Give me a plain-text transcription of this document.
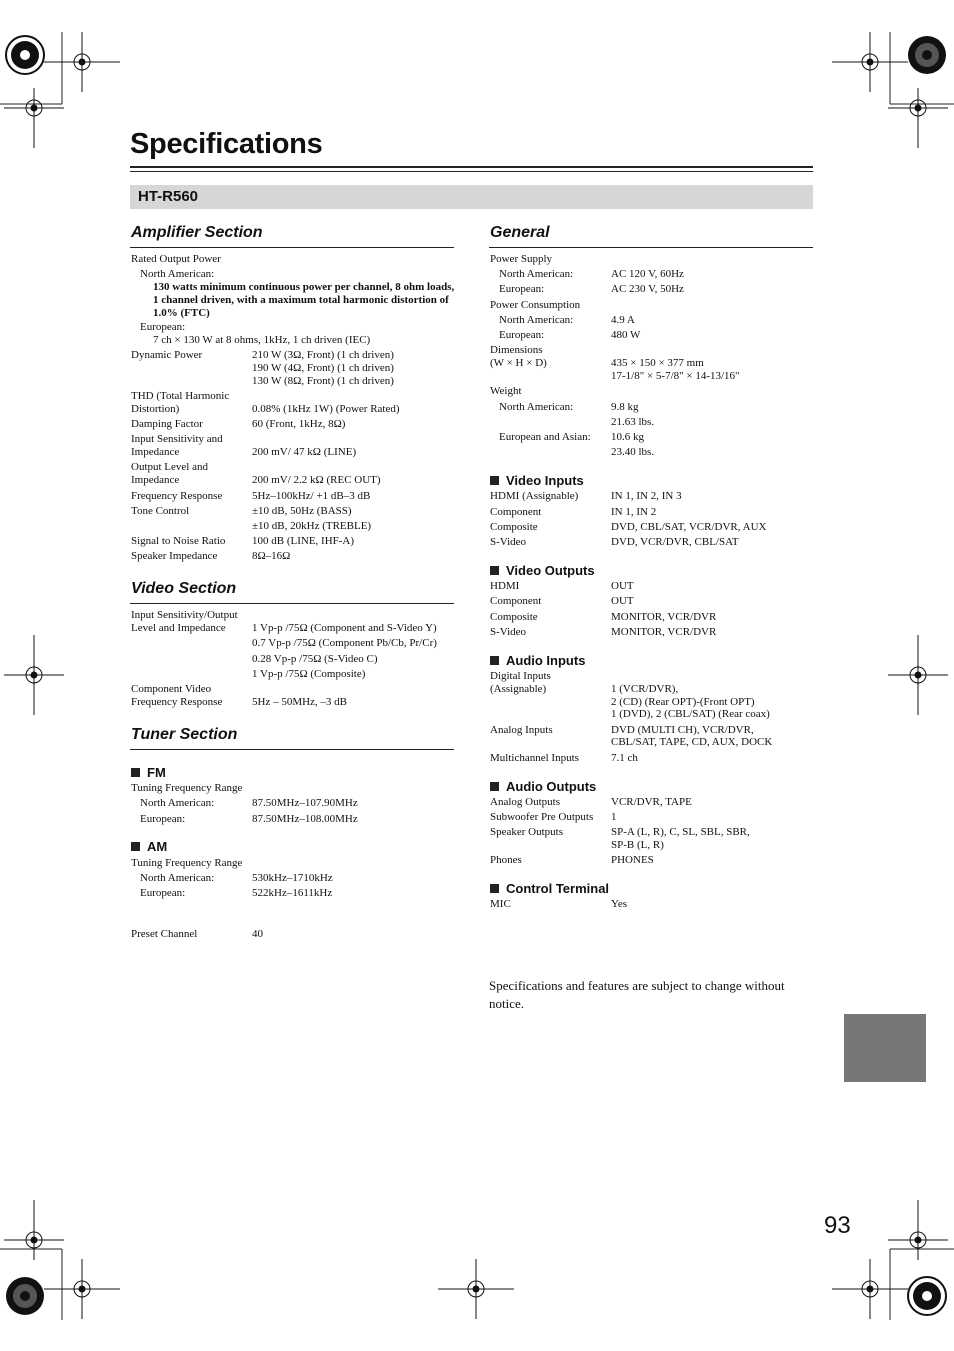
Specifications
HT-R560
Amplifier Section
Rated Output Power
North American:
130 watts minimum continuous power per channel, 8 ohm loads, 1 channel driven, with a maximum total harmonic distortion of 1.0% (FTC)
European:
7 ch × 130 W at 8 ohms, 1kHz, 1 ch driven (IEC)
Dynamic Power	210 W (3Ω, Front) (1 ch driven)
190 W (4Ω, Front) (1 ch driven)
130 W (8Ω, Front) (1 ch driven)
THD (Total Harmonic Distortion)	0.08% (1kHz 1W) (Power Rated)
Damping Factor	60 (Front, 1kHz, 8Ω)
Input Sensitivity and Impedance	200 mV/ 47 kΩ (LINE)
Output Level and Impedance	200 mV/ 2.2 kΩ (REC OUT)
Frequency Response	5Hz–100kHz/ +1 dB–3 dB
Tone Control	±10 dB, 50Hz (BASS)
±10 dB, 20kHz (TREBLE)
Signal to Noise Ratio 100 dB (LINE, IHF-A)
Speaker Impedance	8Ω–16Ω
Video Section
Input Sensitivity/Output Level and Impedance	1 Vp-p /75Ω (Component and S-Video Y)
0.7 Vp-p /75Ω (Component Pb/Cb, Pr/Cr)
0.28 Vp-p /75Ω (S-Video C)
1 Vp-p /75Ω (Composite)
Component Video Frequency Response	5Hz – 50MHz, –3 dB
Tuner Section
FM
Tuning Frequency Range
North American:	87.50MHz–107.90MHz
European:	87.50MHz–108.00MHz
AM
Tuning Frequency Range
North American:	530kHz–1710kHz
European:	522kHz–1611kHz
Preset Channel	40
General
Power Supply
North American:	AC 120 V, 60Hz
European:	AC 230 V, 50Hz
Power Consumption
North American:	4.9 A
European:	480 W
Dimensions
(W × H × D)	435 × 150 × 377 mm
17-1/8" × 5-7/8" × 14-13/16"
Weight
North American:	9.8 kg
21.63 lbs.
European and Asian: 10.6 kg
23.40 lbs.
Video Inputs
HDMI (Assignable)	IN 1, IN 2, IN 3
Component	IN 1, IN 2
Composite	DVD, CBL/SAT, VCR/DVR, AUX
S-Video	DVD, VCR/DVR, CBL/SAT
Video Outputs
HDMI	OUT
Component	OUT
Composite	MONITOR, VCR/DVR
S-Video	MONITOR, VCR/DVR
Audio Inputs
Digital Inputs
(Assignable)	1 (VCR/DVR),
2 (CD) (Rear OPT)-(Front OPT)
1 (DVD), 2 (CBL/SAT) (Rear coax)
Analog Inputs	DVD (MULTI CH), VCR/DVR,
CBL/SAT, TAPE, CD, AUX, DOCK
Multichannel Inputs	7.1 ch
Audio Outputs
Analog Outputs	VCR/DVR, TAPE
Subwoofer Pre Outputs 1
Speaker Outputs	SP-A (L, R), C, SL, SBL, SBR,
SP-B (L, R)
Phones	PHONES
Control Terminal
MIC	Yes
Specifications and features are subject to change without notice.
93
